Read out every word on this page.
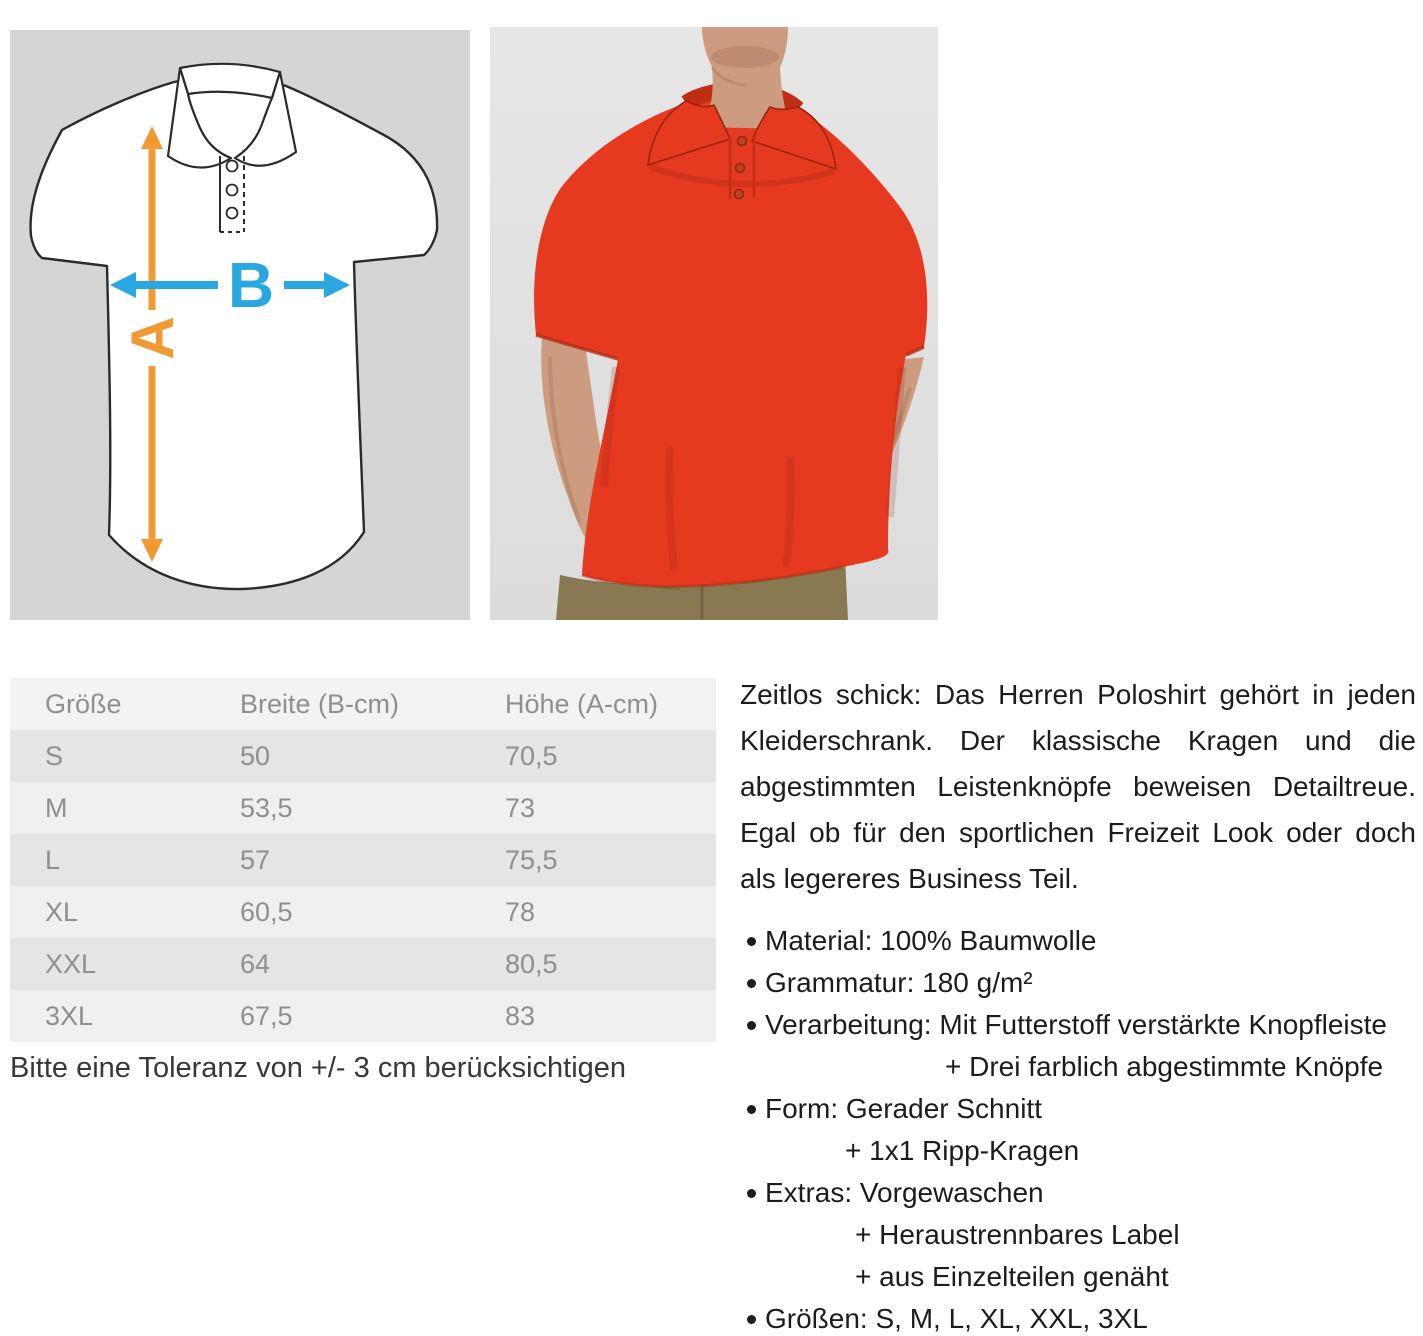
A
B
Größe	Breite (B-cm)	Höhe (A-cm)
S	50	70,5
M	53,5	73
L	57	75,5
XL	60,5	78
XXL	64	80,5
3XL	67,5	83
Bitte eine Toleranz von +/- 3 cm berücksichtigen
Zeitlos schick: Das Herren Poloshirt gehört in jeden Kleiderschrank. Der klassische Kragen und die abgestimmten Leistenknöpfe beweisen Detailtreue. Egal ob für den sportlichen Freizeit Look oder doch als legereres Business Teil.
Material: 100% Baumwolle
Grammatur: 180 g/m²
Verarbeitung: Mit Futterstoff verstärkte Knopfleiste
+ Drei farblich abgestimmte Knöpfe
Form: Gerader Schnitt
+ 1x1 Ripp-Kragen
Extras: Vorgewaschen
+ Heraustrennbares Label
+ aus Einzelteilen genäht
Größen: S, M, L, XL, XXL, 3XL
